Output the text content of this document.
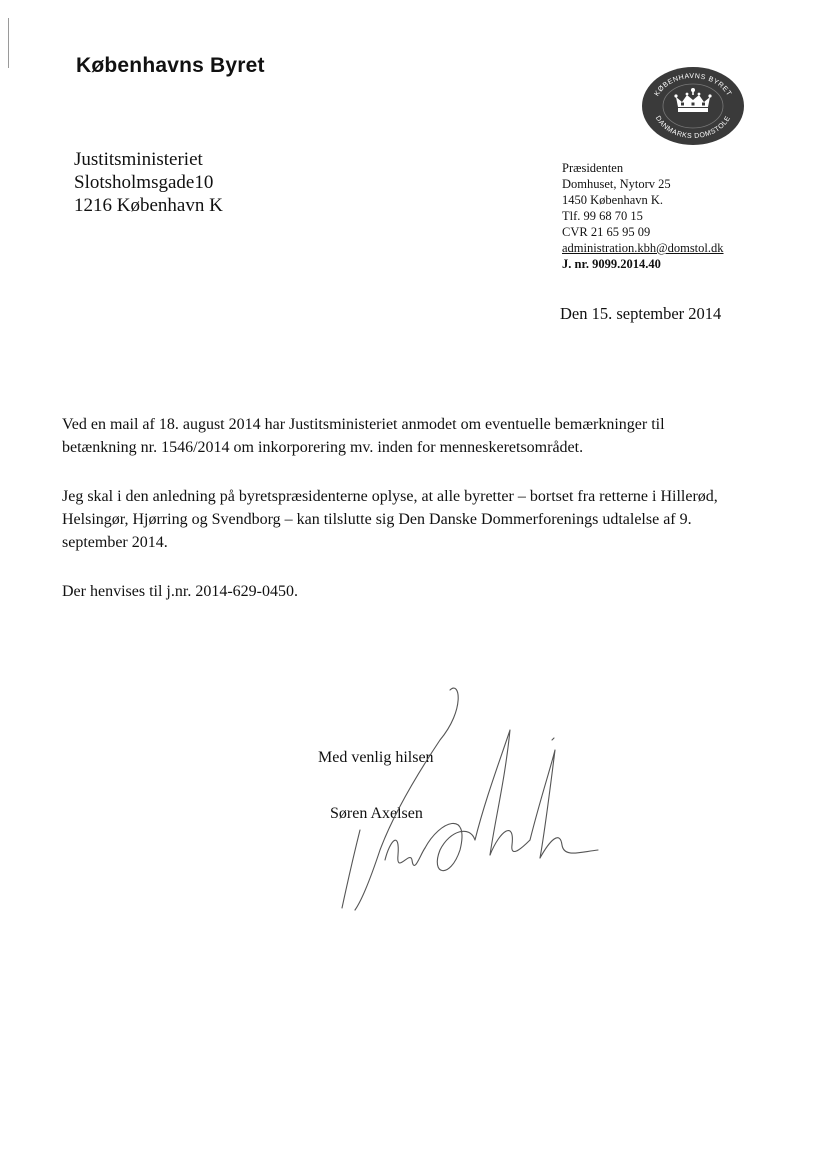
Københavns Byret
KØBENHAVNS BYRET
DANMARKS DOMSTOLE
Justitsministeriet
Slotsholmsgade10
1216 København K
Præsidenten
Domhuset, Nytorv 25
1450 København K.
Tlf. 99 68 70 15
CVR 21 65 95 09
administration.kbh@domstol.dk
J. nr. 9099.2014.40
Den 15. september 2014

Ved en mail af 18. august 2014 har Justitsministeriet anmodet om eventuelle bemærkninger til betænkning nr. 1546/2014 om inkorporering mv. inden for menneskeretsområdet.

Jeg skal i den anledning på byretspræsidenterne oplyse, at alle byretter – bortset fra retterne i Hillerød, Helsingør, Hjørring og Svendborg – kan tilslutte sig Den Danske Dommerforenings udtalelse af 9. september 2014.

Der henvises til j.nr. 2014-629-0450.

Med venlig hilsen
Søren Axelsen
